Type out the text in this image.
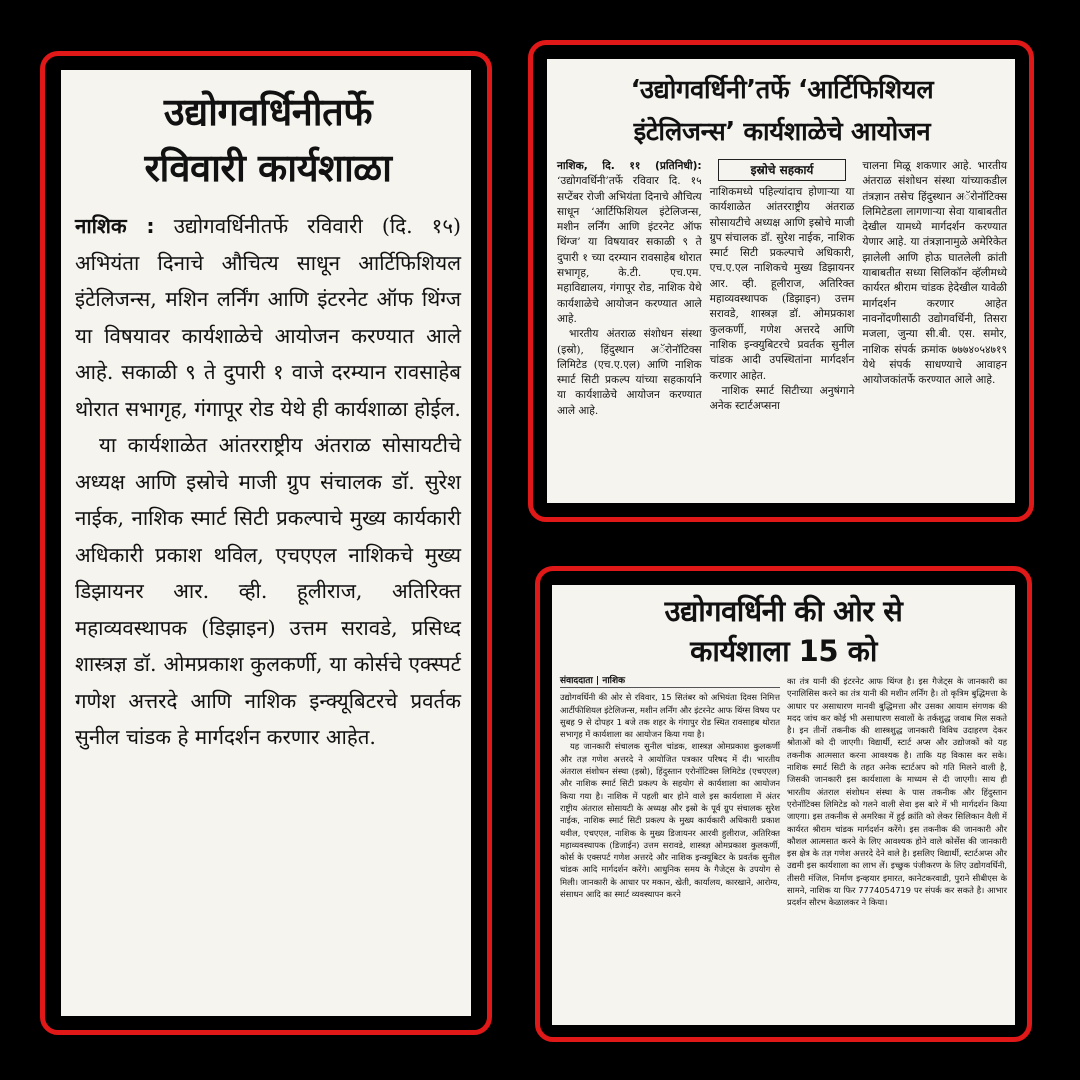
उद्योगवर्धिनीतर्फे
रविवारी कार्यशाळा

नाशिक : उद्योगवर्धिनीतर्फे रविवारी (दि. १५) अभियंता दिनाचे औचित्य साधून आर्टिफिशियल इंटेलिजन्स, मशिन लर्निंग आणि इंटरनेट ऑफ थिंग्ज या विषयावर कार्यशाळेचे आयोजन करण्यात आले आहे. सकाळी ९ ते दुपारी १ वाजे दरम्यान रावसाहेब थोरात सभागृह, गंगापूर रोड येथे ही कार्यशाळा होईल.

या कार्यशाळेत आंतरराष्ट्रीय अंतराळ सोसायटीचे अध्यक्ष आणि इस्रोचे माजी ग्रुप संचालक डॉ. सुरेश नाईक, नाशिक स्मार्ट सिटी प्रकल्पाचे मुख्य कार्यकारी अधिकारी प्रकाश थविल, एचएएल नाशिकचे मुख्य डिझायनर आर. व्ही. हूलीराज, अतिरिक्त महाव्यवस्थापक (डिझाइन) उत्तम सरावडे, प्रसिध्द शास्त्रज्ञ डॉ. ओमप्रकाश कुलकर्णी, या कोर्सचे एक्स्पर्ट गणेश अत्तरदे आणि नाशिक इन्क्यूबिटरचे प्रवर्तक सुनील चांडक हे मार्गदर्शन करणार आहेत.

‘उद्योगवर्धिनी’तर्फे ‘आर्टिफिशियल
इंटेलिजन्स’ कार्यशाळेचे आयोजन

नाशिक, दि. ११ (प्रतिनिधी): ‘उद्योगवर्धिनी’तर्फे रविवार दि. १५ सप्टेंबर रोजी अभियंता दिनाचे औचित्य साधून ‘आर्टिफिशियल इंटेलिजन्स, मशीन लर्निंग आणि इंटरनेट ऑफ थिंग्ज’ या विषयावर सकाळी ९ ते दुपारी १ च्या दरम्यान रावसाहेब थोरात सभागृह, के.टी. एच.एम. महाविद्यालय, गंगापूर रोड, नाशिक येथे कार्यशाळेचे आयोजन करण्यात आले आहे.

भारतीय अंतराळ संशोधन संस्था (इस्रो), हिंदुस्थान अॅरोनॉटिक्स लिमिटेड (एच.ए.एल) आणि नाशिक स्मार्ट सिटी प्रकल्प यांच्या सहकार्याने या कार्यशाळेचे आयोजन करण्यात आले आहे.

इस्रोचे सहकार्य

नाशिकमध्ये पहिल्यांदाच होणाऱ्या या कार्यशाळेत आंतरराष्ट्रीय अंतराळ सोसायटीचे अध्यक्ष आणि इस्रोचे माजी ग्रुप संचालक डॉ. सुरेश नाईक, नाशिक स्मार्ट सिटी प्रकल्पाचे अधिकारी, एच.ए.एल नाशिकचे मुख्य डिझायनर आर. व्ही. हूलीराज, अतिरिक्त महाव्यवस्थापक (डिझाइन) उत्तम सरावडे, शास्त्रज्ञ डॉ. ओमप्रकाश कुलकर्णी, गणेश अत्तरदे आणि नाशिक इन्क्युबिटरचे प्रवर्तक सुनील चांडक आदी उपस्थितांना मार्गदर्शन करणार आहेत.

नाशिक स्मार्ट सिटीच्या अनुषंगाने अनेक स्टार्टअप्सना

चालना मिळू शकणार आहे. भारतीय अंतराळ संशोधन संस्था यांच्याकडील तंत्रज्ञान तसेच हिंदुस्थान अॅरोनॉटिक्स लिमिटेडला लागणाऱ्या सेवा याबाबतीत देखील यामध्ये मार्गदर्शन करण्यात येणार आहे. या तंत्रज्ञानामुळे अमेरिकेत झालेली आणि होऊ घातलेली क्रांती याबाबतीत सध्या सिलिकॉन व्हॅलीमध्ये कार्यरत श्रीराम चांडक हेदेखील यावेळी मार्गदर्शन करणार आहेत नावनोंदणीसाठी उद्योगवर्धिनी, तिसरा मजला, जुन्या सी.बी. एस. समोर, नाशिक संपर्क क्रमांक ७७७४०५४७१९ येथे संपर्क साधण्याचे आवाहन आयोजकांतर्फे करण्यात आले आहे.

उद्योगवर्धिनी की ओर से
कार्यशाला 15 को
संवाददाता | नाशिक

उद्योगवर्धिनी की ओर से रविवार, 15 सितंबर को अभियंता दिवस निमित्त आर्टीफीशियल इंटेलिजन्स, मशीन लर्निंग और इंटरनेट आफ थिंग्स विषय पर सुबह 9 से दोपहर 1 बजे तक शहर के गंगापुर रोड स्थित रावसाहब थोरात सभागृह में कार्यशाला का आयोजन किया गया है।

यह जानकारी संचालक सुनील चांडक, शास्त्रज्ञ ओमप्रकाश कुलकर्णी और तज्ञ गणेश अत्तरदे ने आयोजित पत्रकार परिषद में दी। भारतीय अंतराल संशोधन संस्था (इस्रो), हिंदुस्तान एरोनॉटिक्स लिमिटेड (एचएएल) और नाशिक स्मार्ट सिटी प्रकल्प के सहयोग से कार्यशाला का आयोजन किया गया है। नाशिक में पहली बार होने वाले इस कार्यशाला में अंतर राष्ट्रीय अंतराल सोसायटी के अध्यक्ष और इस्रो के पूर्व ग्रुप संचालक सुरेश नाईक, नाशिक स्मार्ट सिटी प्रकल्प के मुख्य कार्यकारी अधिकारी प्रकाश थवील, एचएएल, नाशिक के मुख्य डिजायनर आरवी हुलीराज, अतिरिक्त महाव्यवस्थापक (डिजाईन) उत्तम सरावडे, शास्त्रज्ञ ओमप्रकाश कुलकर्णी, कोर्स के एक्सपर्ट गणेश अत्तरदे और नाशिक इन्क्यूबिटर के प्रवर्तक सुनील चांडक आदि मार्गदर्शन करेंगे। आधुनिक समय के गैजेट्स के उपयोग से मिली। जानकारी के आधार पर मकान, खेती, कार्यालय, कारखाने, आरोग्य, संसाधन आदि का स्मार्ट व्यवस्थापन करने

का तंत्र यानी की इंटरनेट आफ थिंग्ज है। इस गैजेट्स के जानकारी का एनालिसिस करने का तंत्र यानी की मशीन लर्निंग है। तो कृत्रिम बुद्धिमत्ता के आधार पर असाधारण मानवी बुद्धिमत्ता और उसका आयाम संगणक की मदद जांच कर कोई भी असाधारण सवालों के तर्कशुद्ध जवाब मिल सकते है। इन तीनों तकनीक की शास्त्रशुद्ध जानकारी विविध उदाहरण देकर श्रोताओं को दी जाएगी। विद्यार्थी, स्टार्ट अप्स और उद्योजकों को यह तकनीक आत्मसात करना आवश्यक है। ताकि यह विकास कर सके। नाशिक स्मार्ट सिटी के तहत अनेक स्टार्टअप को गति मिलने वाली है, जिसकी जानकारी इस कार्यशाला के माध्यम से दी जाएगी। साथ ही भारतीय अंतराल संशोधन संस्था के पास तकनीक और हिंदुस्तान एरोनॉटिक्स लिमिटेड को गलने वाली सेवा इस बारे में भी मार्गदर्शन किया जाएगा। इस तकनीक से अमरिका में हुई क्रांति को लेकर सिलिकान वैली में कार्यरत श्रीराम चांडक मार्गदर्शन करेंगे। इस तकनीक की जानकारी और कौशल आत्मसात करने के लिए आवश्यक होने वाले कोर्सेस की जानकारी इस क्षेत्र के तज्ञ गणेश अत्तरदे देने वाले है। इसलिए विद्यार्थी, स्टार्टअप्स और उद्यमी इस कार्यशाला का लाभ लें। इच्छुक पंजीकरण के लिए उद्योगवर्धिनी, तीसरी मंजिल, निर्माण इन्व्हयार इमारत, कानेटकरवाडी, पुराने सीबीएस के सामने, नाशिक या फिर 7774054719 पर संपर्क कर सकते है। आभार प्रदर्शन सौरभ केळालकर ने किया।
